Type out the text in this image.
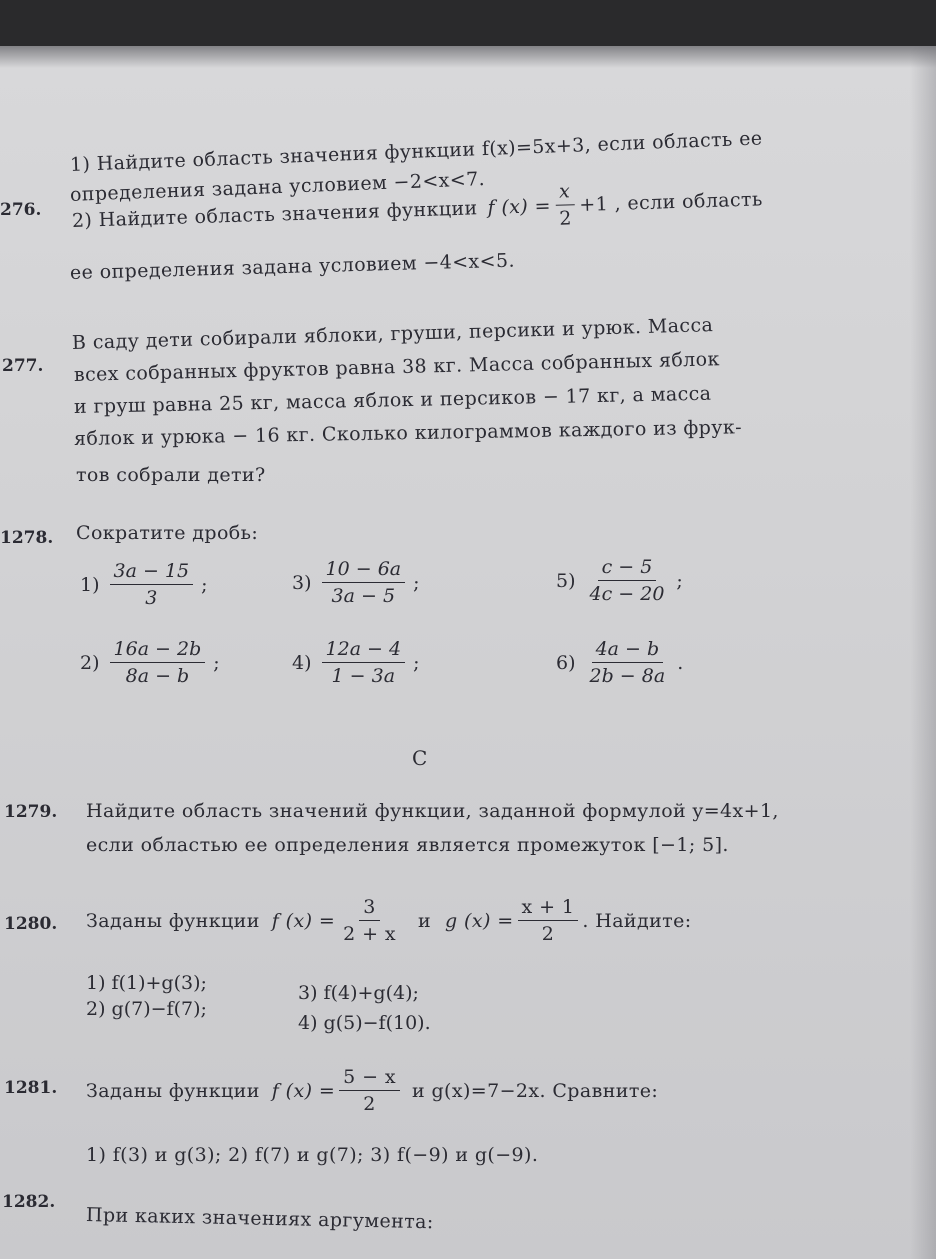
276.
1) Найдите область значения функции f(x)=5x+3, если область ее
определения задана условием −2<x<7.
2) Найдите область значения функции f $(x) = \frac{x}{2} +1$ , если область
ее определения задана условием −4<x<5.
277.
В саду дети собирали яблоки, груши, персики и урюк. Масса
всех собранных фруктов равна 38 кг. Масса собранных яблок
и груш равна 25 кг, масса яблок и персиков − 17 кг, а масса
яблок и урюка − 16 кг. Сколько килограммов каждого из фрук-
тов собрали дети?
1278. Сократите дробь:
$1) \frac{3a - 15}{3}$ ;	$3) \frac{10 - 6a}{3a - 5}$ ;	$5) \frac{c - 5}{4c - 20}$ ;
$2) \frac{16a - 2b}{8a - b}$ ;	$4) \frac{12a - 4}{1 - 3a}$ ;	$6) \frac{4a - b}{2b - 8a}$ .
C
1279. Найдите область значений функции, заданной формулой y=4x+1,
если областью ее определения является промежуток [−1; 5].
1280. Заданы функции f $(x) = \frac{3}{2 + x}$ и g $(x) = \frac{x + 1}{2}$ . Найдите:
1) f(1)+g(3);	3) f(4)+g(4);
2) g(7)−f(7);
4) g(5)−f(10).
1281. Заданы функции f $(x) = \frac{5 - x}{2}$ и g(x)=7−2x. Сравните:
1) f(3) и g(3); 2) f(7) и g(7); 3) f(−9) и g(−9).
1282.
При каких значениях аргумента:
